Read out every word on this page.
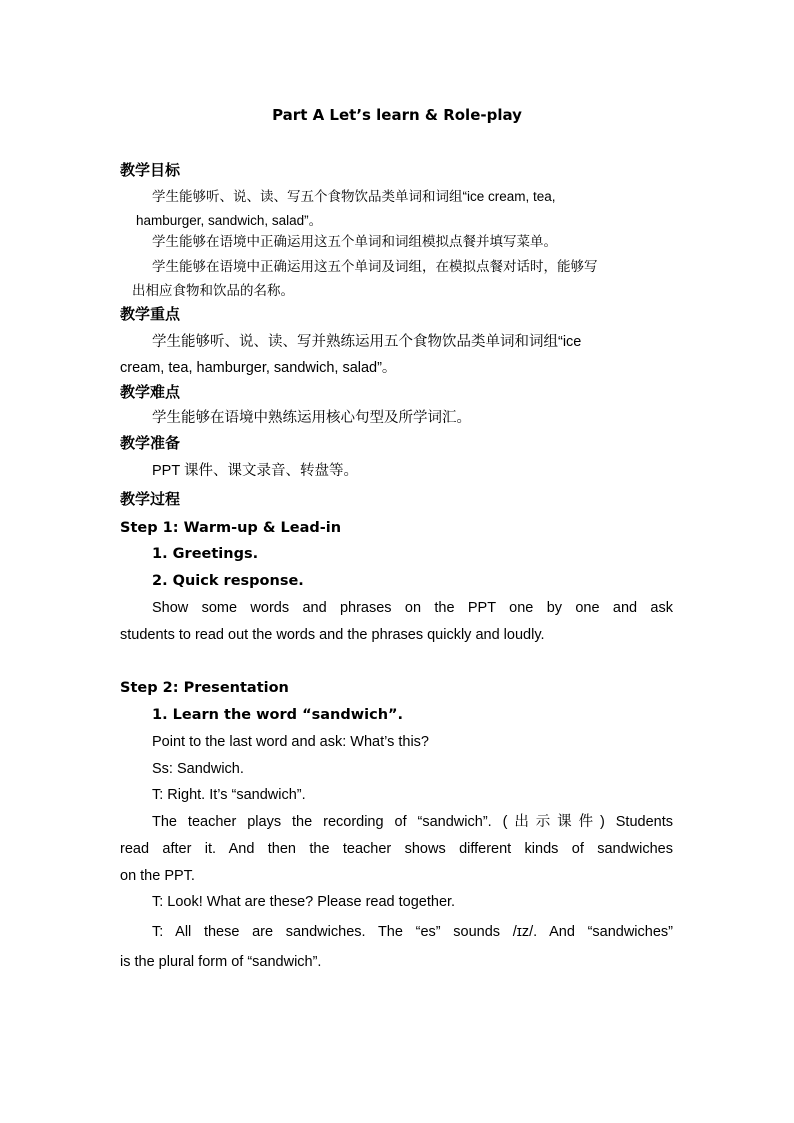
Part A Let’s learn & Role-play
教学目标
学生能够听、说、读、写五个食物饮品类单词和词组“ice cream, tea,
hamburger, sandwich, salad”。
学生能够在语境中正确运用这五个单词和词组模拟点餐并填写菜单。
学生能够在语境中正确运用这五个单词及词组，在模拟点餐对话时，能够写
出相应食物和饮品的名称。
教学重点
学生能够听、说、读、写并熟练运用五个食物饮品类单词和词组“ice
cream, tea, hamburger, sandwich, salad”。
教学难点
学生能够在语境中熟练运用核心句型及所学词汇。
教学准备
PPT 课件、课文录音、转盘等。
教学过程
Step 1: Warm-up & Lead-in
1. Greetings.
2. Quick response.
Show some words and phrases on the PPT one by one and ask
students to read out the words and the phrases quickly and loudly.
Step 2: Presentation
1. Learn the word “sandwich”.
Point to the last word and ask: What’s this?
Ss: Sandwich.
T: Right. It’s “sandwich”.
The teacher plays the recording of “sandwich”. (出示课件) Students
read after it. And then the teacher shows different kinds of sandwiches
on the PPT.
T: Look! What are these? Please read together.
T: All these are sandwiches. The “es” sounds /ɪz/. And “sandwiches”
is the plural form of “sandwich”.
